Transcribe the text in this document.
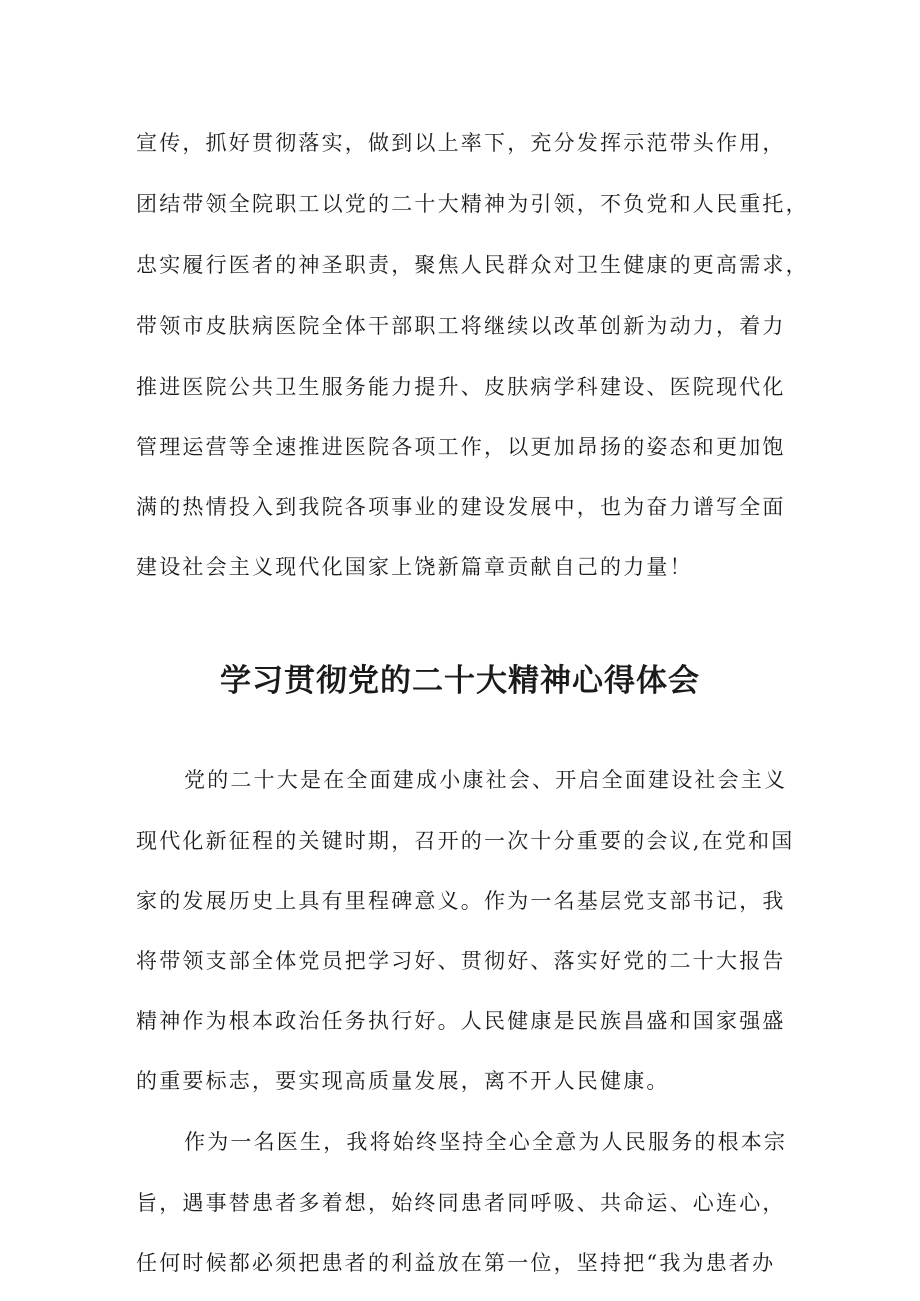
宣传，抓好贯彻落实，做到以上率下，充分发挥示范带头作用，
团结带领全院职工以党的二十大精神为引领，不负党和人民重托，
忠实履行医者的神圣职责，聚焦人民群众对卫生健康的更高需求，
带领市皮肤病医院全体干部职工将继续以改革创新为动力，着力
推进医院公共卫生服务能力提升、皮肤病学科建设、医院现代化
管理运营等全速推进医院各项工作，以更加昂扬的姿态和更加饱
满的热情投入到我院各项事业的建设发展中，也为奋力谱写全面
建设社会主义现代化国家上饶新篇章贡献自己的力量！
学习贯彻党的二十大精神心得体会
党的二十大是在全面建成小康社会、开启全面建设社会主义
现代化新征程的关键时期，召开的一次十分重要的会议,在党和国
家的发展历史上具有里程碑意义。作为一名基层党支部书记，我
将带领支部全体党员把学习好、贯彻好、落实好党的二十大报告
精神作为根本政治任务执行好。人民健康是民族昌盛和国家强盛
的重要标志，要实现高质量发展，离不开人民健康。
作为一名医生，我将始终坚持全心全意为人民服务的根本宗
旨，遇事替患者多着想，始终同患者同呼吸、共命运、心连心，
任何时候都必须把患者的利益放在第一位，坚持把“我为患者办
